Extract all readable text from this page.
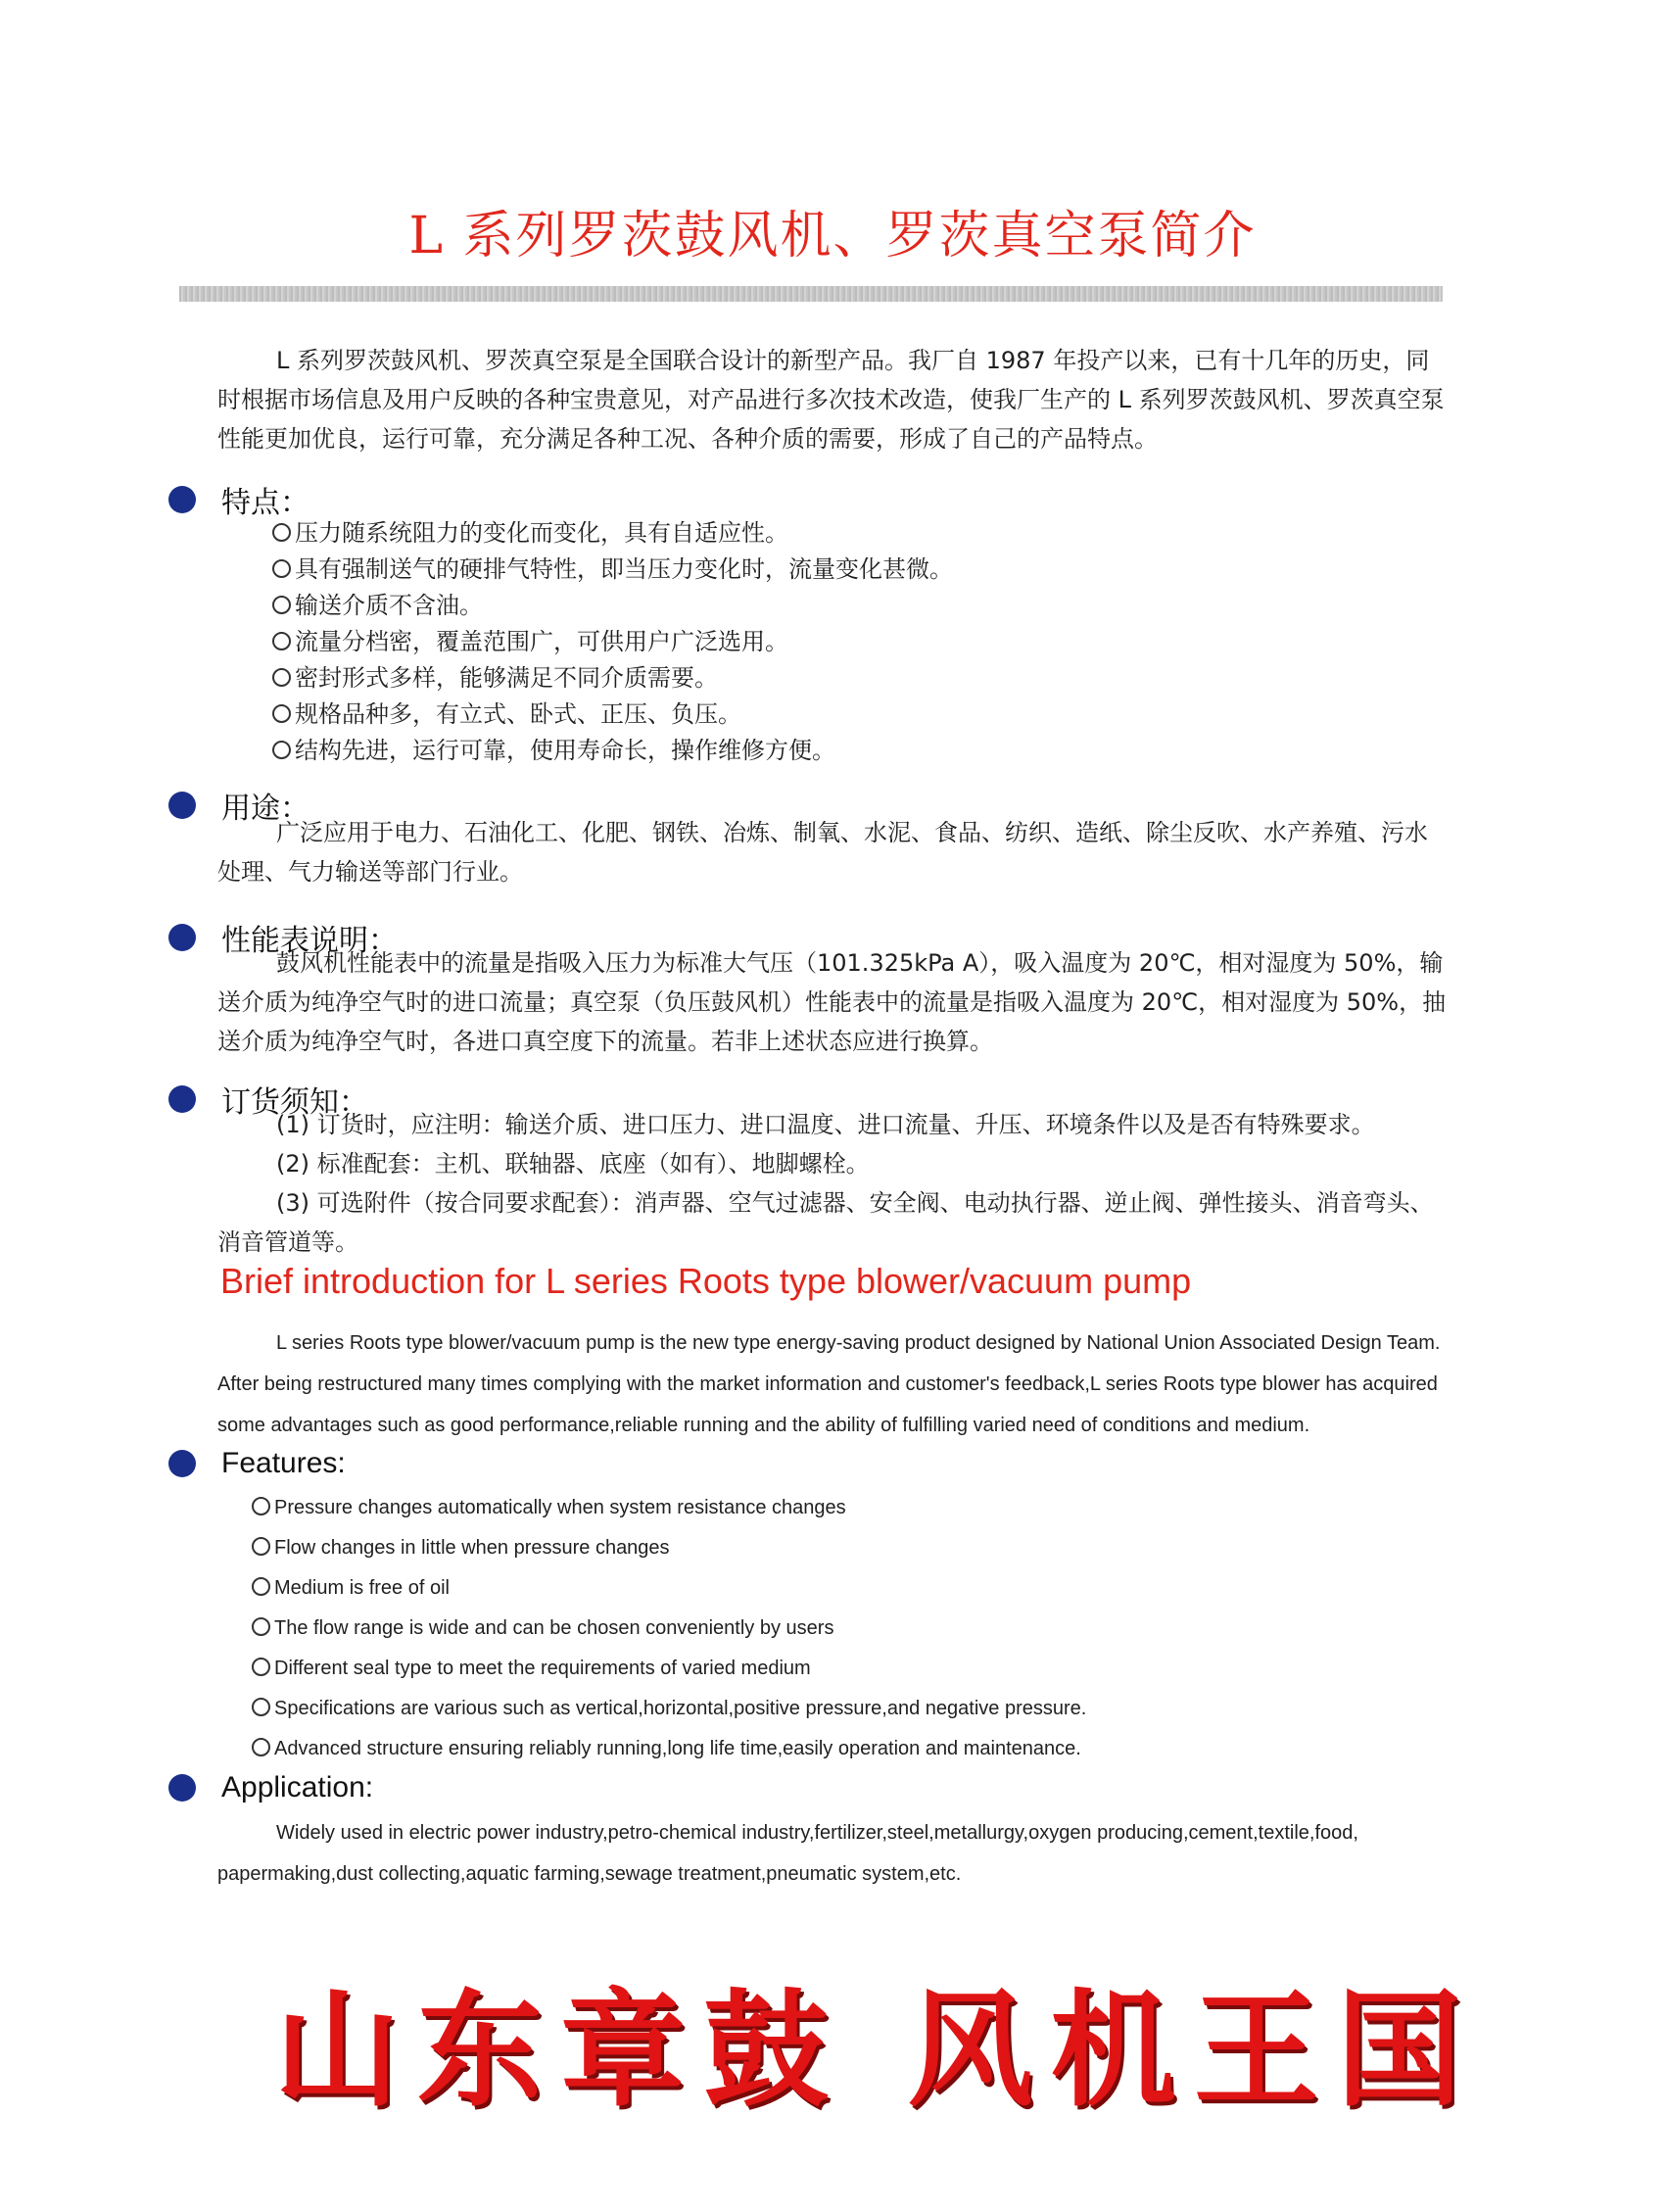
L 系列罗茨鼓风机、罗茨真空泵简介
L 系列罗茨鼓风机、罗茨真空泵是全国联合设计的新型产品。我厂自 1987 年投产以来，已有十几年的历史，同时根据市场信息及用户反映的各种宝贵意见，对产品进行多次技术改造，使我厂生产的 L 系列罗茨鼓风机、罗茨真空泵性能更加优良，运行可靠，充分满足各种工况、各种介质的需要，形成了自己的产品特点。
特点：
压力随系统阻力的变化而变化，具有自适应性。
具有强制送气的硬排气特性，即当压力变化时，流量变化甚微。
输送介质不含油。
流量分档密，覆盖范围广，可供用户广泛选用。
密封形式多样，能够满足不同介质需要。
规格品种多，有立式、卧式、正压、负压。
结构先进，运行可靠，使用寿命长，操作维修方便。
用途：
广泛应用于电力、石油化工、化肥、钢铁、冶炼、制氧、水泥、食品、纺织、造纸、除尘反吹、水产养殖、污水处理、气力输送等部门行业。
性能表说明：
鼓风机性能表中的流量是指吸入压力为标准大气压（101.325kPa A），吸入温度为 20℃，相对湿度为 50%，输送介质为纯净空气时的进口流量；真空泵（负压鼓风机）性能表中的流量是指吸入温度为 20℃，相对湿度为 50%，抽送介质为纯净空气时，各进口真空度下的流量。若非上述状态应进行换算。
订货须知：
(1) 订货时，应注明：输送介质、进口压力、进口温度、进口流量、升压、环境条件以及是否有特殊要求。
(2) 标准配套：主机、联轴器、底座（如有）、地脚螺栓。
(3) 可选附件（按合同要求配套）：消声器、空气过滤器、安全阀、电动执行器、逆止阀、弹性接头、消音弯头、消音管道等。
Brief introduction for L series Roots type blower/vacuum pump
L series Roots type blower/vacuum pump is the new type energy-saving product designed by National Union Associated Design Team. After being restructured many times complying with the market information and customer's feedback,L series Roots type blower has acquired some advantages such as good performance,reliable running and the ability of fulfilling varied need of conditions and medium.
Features:
Pressure changes automatically when system resistance changes
Flow changes in little when pressure changes
Medium is free of oil
The flow range is wide and can be chosen conveniently by users
Different seal type to meet the requirements of varied medium
Specifications are various such as vertical,horizontal,positive pressure,and negative pressure.
Advanced structure ensuring reliably running,long life time,easily operation and maintenance.
Application:
Widely used in electric power industry,petro-chemical industry,fertilizer,steel,metallurgy,oxygen producing,cement,textile,food, papermaking,dust collecting,aquatic farming,sewage treatment,pneumatic system,etc.
山东章鼓 风机王国
